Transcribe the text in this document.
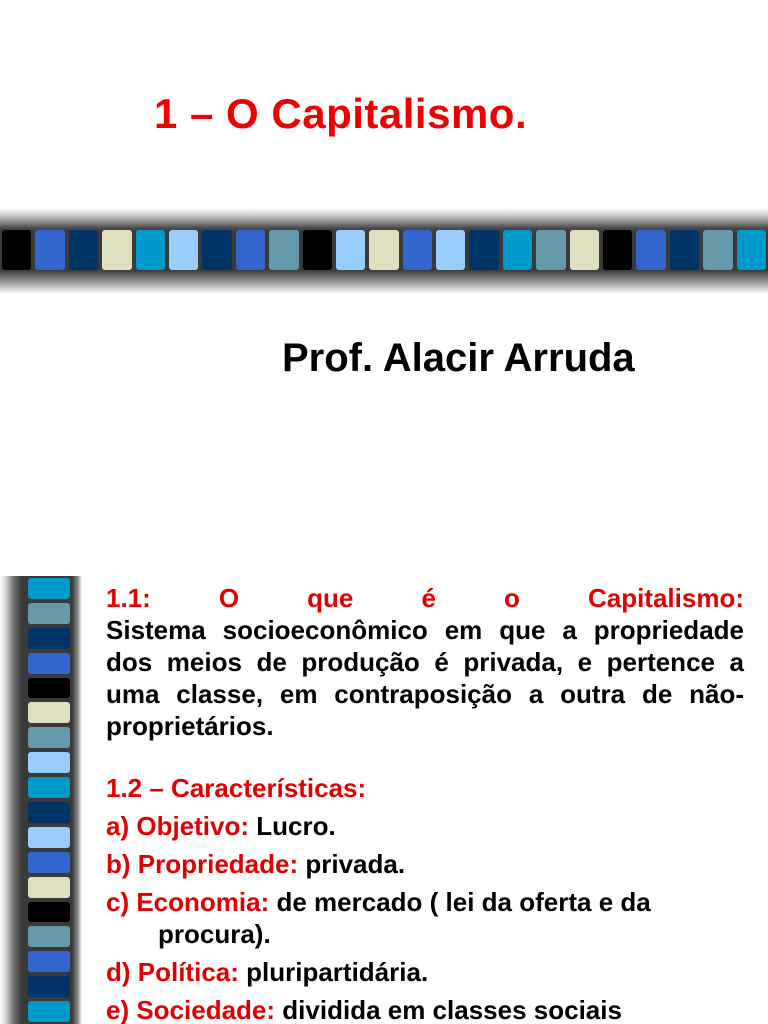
1 – O Capitalismo.
Prof. Alacir Arruda
1.1:	O	que	é	o	Capitalismo:
Sistema socioeconômico em que a propriedade dos meios de produção é privada, e pertence a uma classe, em contraposição a outra de não-proprietários.
1.2 – Características:
a) Objetivo: Lucro.
b) Propriedade: privada.
c) Economia: de mercado ( lei da oferta e da
procura).
d) Política: pluripartidária.
e) Sociedade: dividida em classes sociais
